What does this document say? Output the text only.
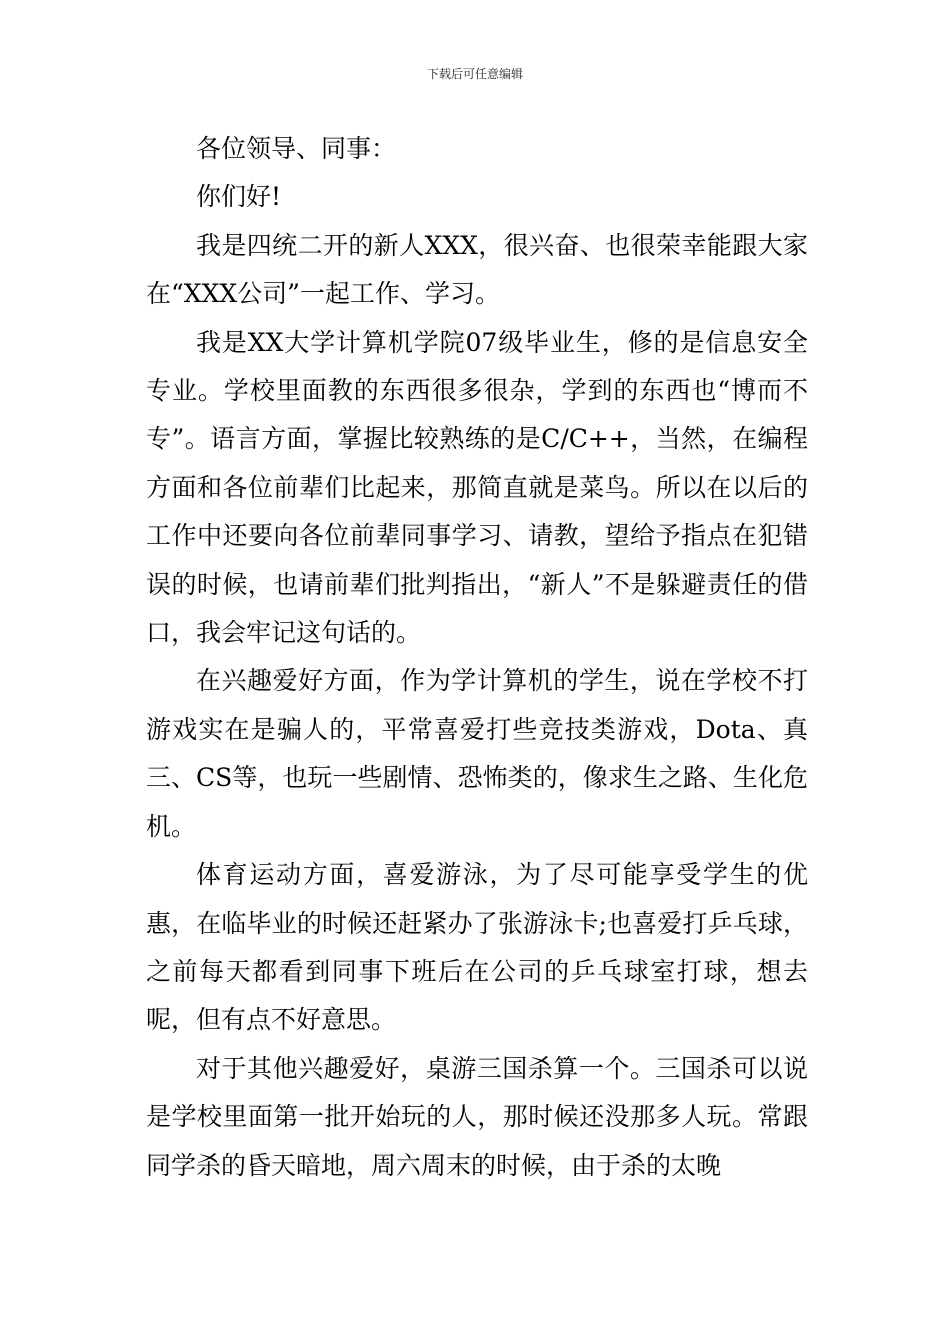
下载后可任意编辑

各位领导、同事：

你们好!

我是四统二开的新人XXX，很兴奋、也很荣幸能跟大家在“XXX公司”一起工作、学习。

我是XX大学计算机学院07级毕业生，修的是信息安全专业。学校里面教的东西很多很杂，学到的东西也“博而不专”。语言方面，掌握比较熟练的是C/C++，当然，在编程方面和各位前辈们比起来，那简直就是菜鸟。所以在以后的工作中还要向各位前辈同事学习、请教，望给予指点在犯错误的时候，也请前辈们批判指出，“新人”不是躲避责任的借口，我会牢记这句话的。

在兴趣爱好方面，作为学计算机的学生，说在学校不打游戏实在是骗人的，平常喜爱打些竞技类游戏，Dota、真三、CS等，也玩一些剧情、恐怖类的，像求生之路、生化危机。

体育运动方面，喜爱游泳，为了尽可能享受学生的优惠，在临毕业的时候还赶紧办了张游泳卡;也喜爱打乒乓球，之前每天都看到同事下班后在公司的乒乓球室打球，想去呢，但有点不好意思。

对于其他兴趣爱好，桌游三国杀算一个。三国杀可以说是学校里面第一批开始玩的人，那时候还没那多人玩。常跟同学杀的昏天暗地，周六周末的时候，由于杀的太晚
